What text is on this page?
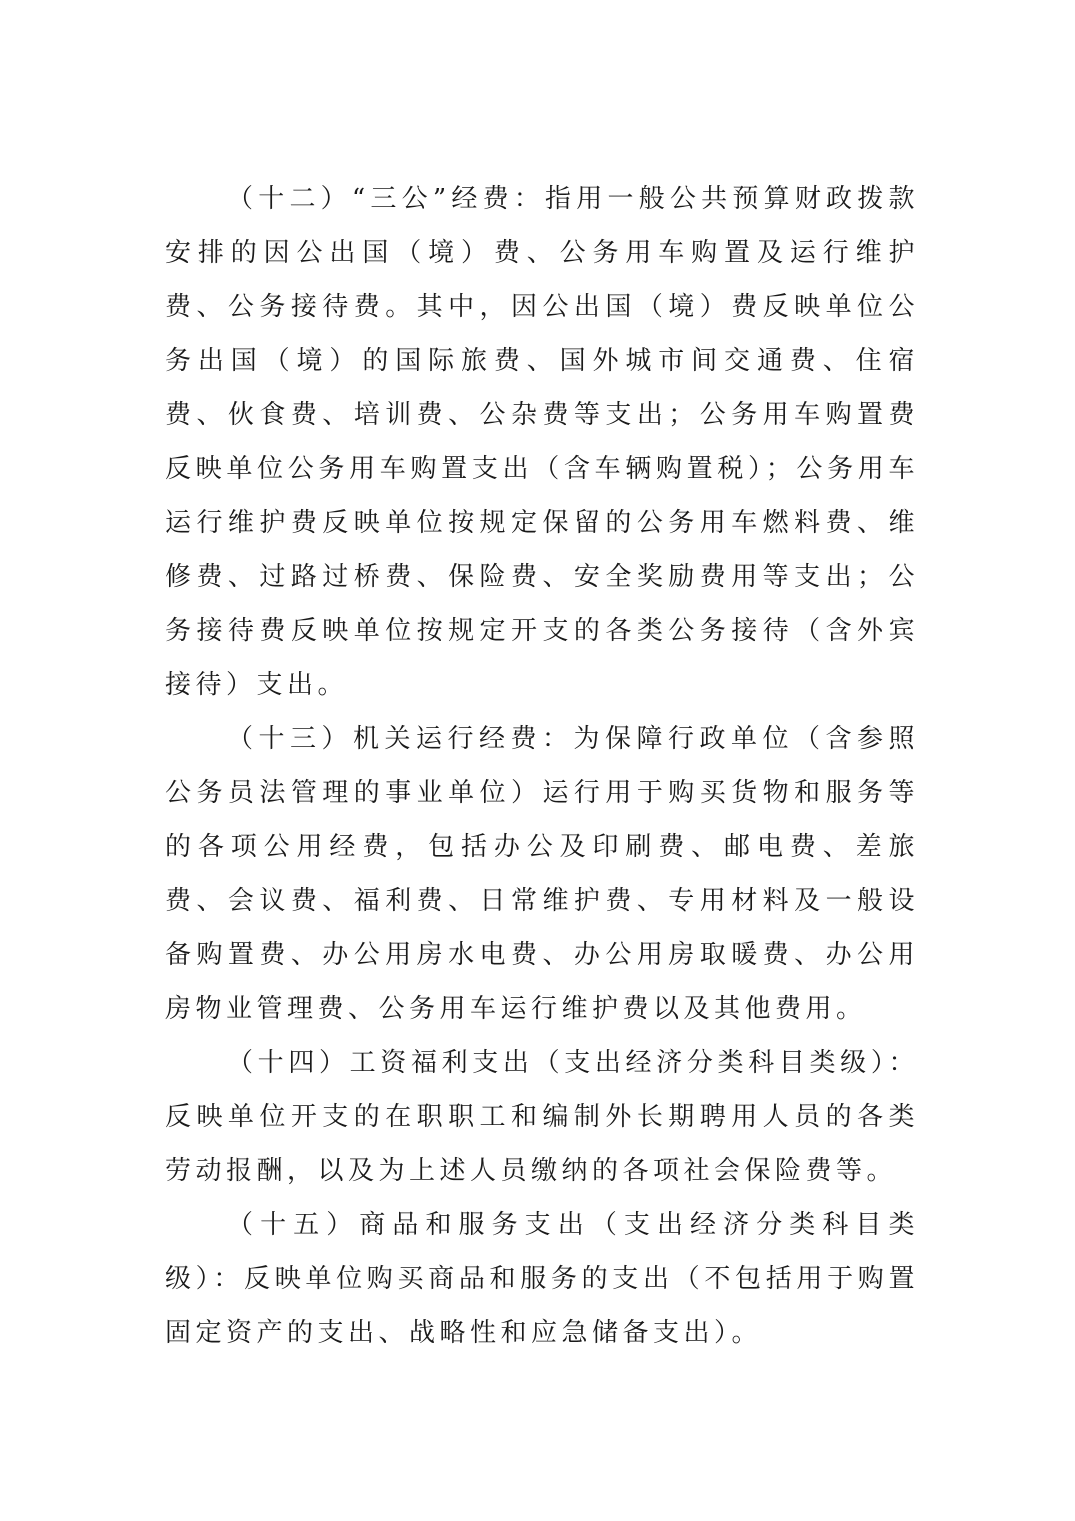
（十二）“三公”经费：指用一般公共预算财政拨款安排的因公出国（境）费、公务用车购置及运行维护费、公务接待费。其中，因公出国（境）费反映单位公务出国（境）的国际旅费、国外城市间交通费、住宿费、伙食费、培训费、公杂费等支出；公务用车购置费反映单位公务用车购置支出（含车辆购置税）；公务用车运行维护费反映单位按规定保留的公务用车燃料费、维修费、过路过桥费、保险费、安全奖励费用等支出；公务接待费反映单位按规定开支的各类公务接待（含外宾接待）支出。

（十三）机关运行经费：为保障行政单位（含参照公务员法管理的事业单位）运行用于购买货物和服务等的各项公用经费，包括办公及印刷费、邮电费、差旅费、会议费、福利费、日常维护费、专用材料及一般设备购置费、办公用房水电费、办公用房取暖费、办公用房物业管理费、公务用车运行维护费以及其他费用。

（十四）工资福利支出（支出经济分类科目类级）：反映单位开支的在职职工和编制外长期聘用人员的各类劳动报酬，以及为上述人员缴纳的各项社会保险费等。

（十五）商品和服务支出（支出经济分类科目类级）：反映单位购买商品和服务的支出（不包括用于购置固定资产的支出、战略性和应急储备支出）。
